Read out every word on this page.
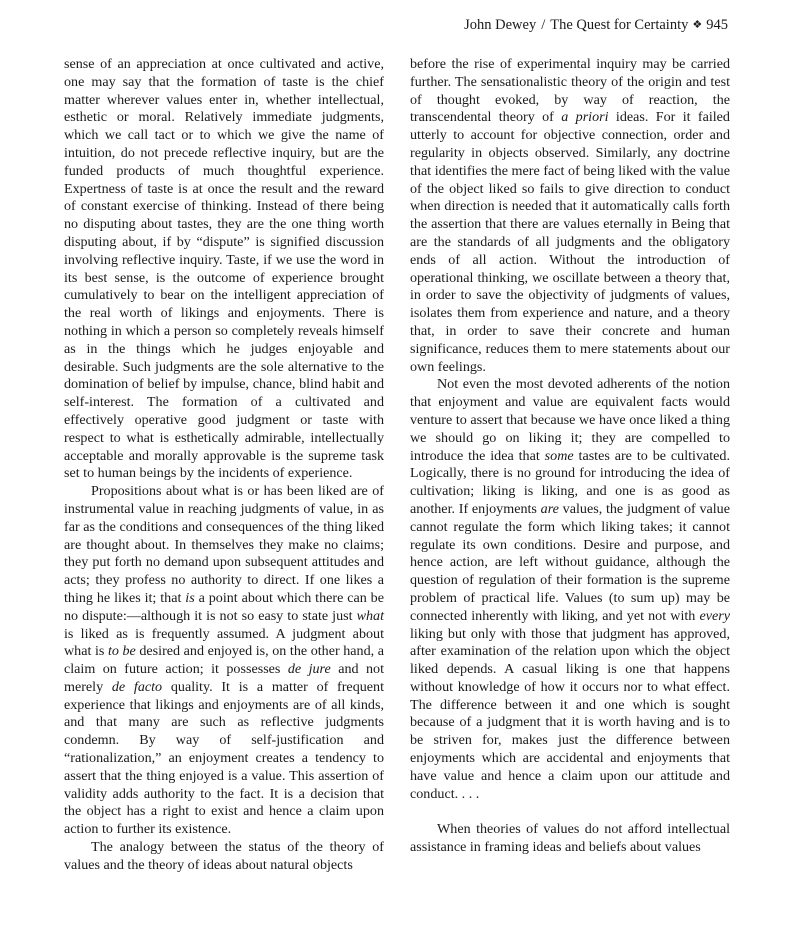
John Dewey / The Quest for Certainty ❖ 945

sense of an appreciation at once cultivated and active, one may say that the formation of taste is the chief matter wherever values enter in, whether intellectual, esthetic or moral. Relatively immediate judgments, which we call tact or to which we give the name of intuition, do not precede reflective inquiry, but are the funded products of much thoughtful experience. Expertness of taste is at once the result and the reward of constant exercise of thinking. Instead of there being no disputing about tastes, they are the one thing worth disputing about, if by “dispute” is signified discussion involving reflective inquiry. Taste, if we use the word in its best sense, is the outcome of experience brought cumulatively to bear on the intelligent appreciation of the real worth of likings and enjoyments. There is nothing in which a person so completely reveals himself as in the things which he judges enjoyable and desirable. Such judgments are the sole alternative to the domination of belief by impulse, chance, blind habit and self-interest. The formation of a cultivated and effectively operative good judgment or taste with respect to what is esthetically admirable, intellectually acceptable and morally approvable is the supreme task set to human beings by the incidents of experience.

Propositions about what is or has been liked are of instrumental value in reaching judgments of value, in as far as the conditions and consequences of the thing liked are thought about. In themselves they make no claims; they put forth no demand upon subsequent attitudes and acts; they profess no authority to direct. If one likes a thing he likes it; that is a point about which there can be no dispute:—although it is not so easy to state just what is liked as is frequently assumed. A judgment about what is to be desired and enjoyed is, on the other hand, a claim on future action; it possesses de jure and not merely de facto quality. It is a matter of frequent experience that likings and enjoyments are of all kinds, and that many are such as reflective judgments condemn. By way of self-justification and “rationalization,” an enjoyment creates a tendency to assert that the thing enjoyed is a value. This assertion of validity adds authority to the fact. It is a decision that the object has a right to exist and hence a claim upon action to further its existence.

The analogy between the status of the theory of values and the theory of ideas about natural objects

before the rise of experimental inquiry may be carried further. The sensationalistic theory of the origin and test of thought evoked, by way of reaction, the transcendental theory of a priori ideas. For it failed utterly to account for objective connection, order and regularity in objects observed. Similarly, any doctrine that identifies the mere fact of being liked with the value of the object liked so fails to give direction to conduct when direction is needed that it automatically calls forth the assertion that there are values eternally in Being that are the standards of all judgments and the obligatory ends of all action. Without the introduction of operational thinking, we oscillate between a theory that, in order to save the objectivity of judgments of values, isolates them from experience and nature, and a theory that, in order to save their concrete and human significance, reduces them to mere statements about our own feelings.

Not even the most devoted adherents of the notion that enjoyment and value are equivalent facts would venture to assert that because we have once liked a thing we should go on liking it; they are compelled to introduce the idea that some tastes are to be cultivated. Logically, there is no ground for introducing the idea of cultivation; liking is liking, and one is as good as another. If enjoyments are values, the judgment of value cannot regulate the form which liking takes; it cannot regulate its own conditions. Desire and purpose, and hence action, are left without guidance, although the question of regulation of their formation is the supreme problem of practical life. Values (to sum up) may be connected inherently with liking, and yet not with every liking but only with those that judgment has approved, after examination of the relation upon which the object liked depends. A casual liking is one that happens without knowledge of how it occurs nor to what effect. The difference between it and one which is sought because of a judgment that it is worth having and is to be striven for, makes just the difference between enjoyments which are accidental and enjoyments that have value and hence a claim upon our attitude and conduct. . . .

When theories of values do not afford intellectual assistance in framing ideas and beliefs about values
